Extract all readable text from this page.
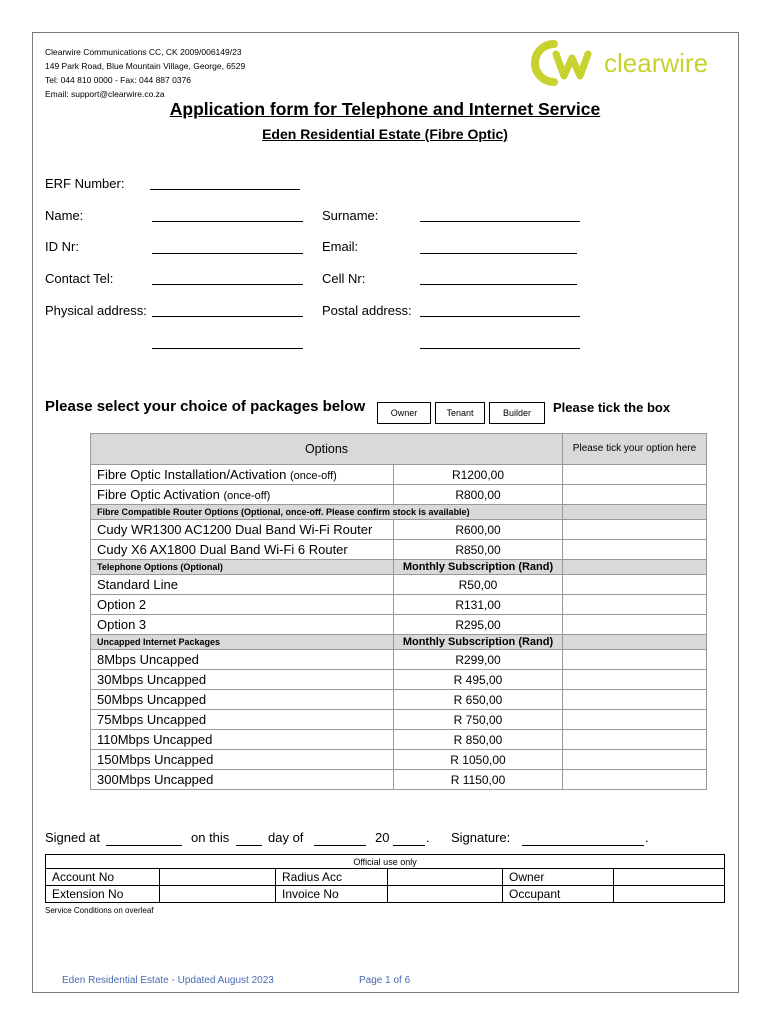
Clearwire Communications CC, CK 2009/006149/23
149 Park Road, Blue Mountain Village, George, 6529
Tel: 044 810 0000 - Fax: 044 887 0376
Email: support@clearwire.co.za
clearwire
Application form for Telephone and Internet Service
Eden Residential Estate (Fibre Optic)
ERF Number:
Name:	Surname:
ID Nr:	Email:
Contact Tel:	Cell Nr:
Physical address:	Postal address:
Please select your choice of packages below	Owner	Tenant	Builder	Please tick the box
Options		Please tick your option here
Fibre Optic Installation/Activation (once-off)	R1200,00	
Fibre Optic Activation (once-off)	R800,00	
Fibre Compatible Router Options (Optional, once-off. Please confirm stock is available)		
Cudy WR1300 AC1200 Dual Band Wi-Fi Router	R600,00	
Cudy X6 AX1800 Dual Band Wi-Fi 6 Router	R850,00	
Telephone Options (Optional)	Monthly Subscription (Rand)	
Standard Line	R50,00	
Option 2	R131,00	
Option 3	R295,00	
Uncapped Internet Packages	Monthly Subscription (Rand)	
8Mbps Uncapped	R299,00	
30Mbps Uncapped	R 495,00	
50Mbps Uncapped	R 650,00	
75Mbps Uncapped	R 750,00	
110Mbps Uncapped	R 850,00	
150Mbps Uncapped	R 1050,00	
300Mbps Uncapped	R 1150,00	
Signed at	on this	day of	20	. Signature:	.
Official use only					
Account No		Radius Acc		Owner	
Extension No		Invoice No		Occupant	
Service Conditions on overleaf
Eden Residential Estate - Updated August 2023	Page 1 of 6
